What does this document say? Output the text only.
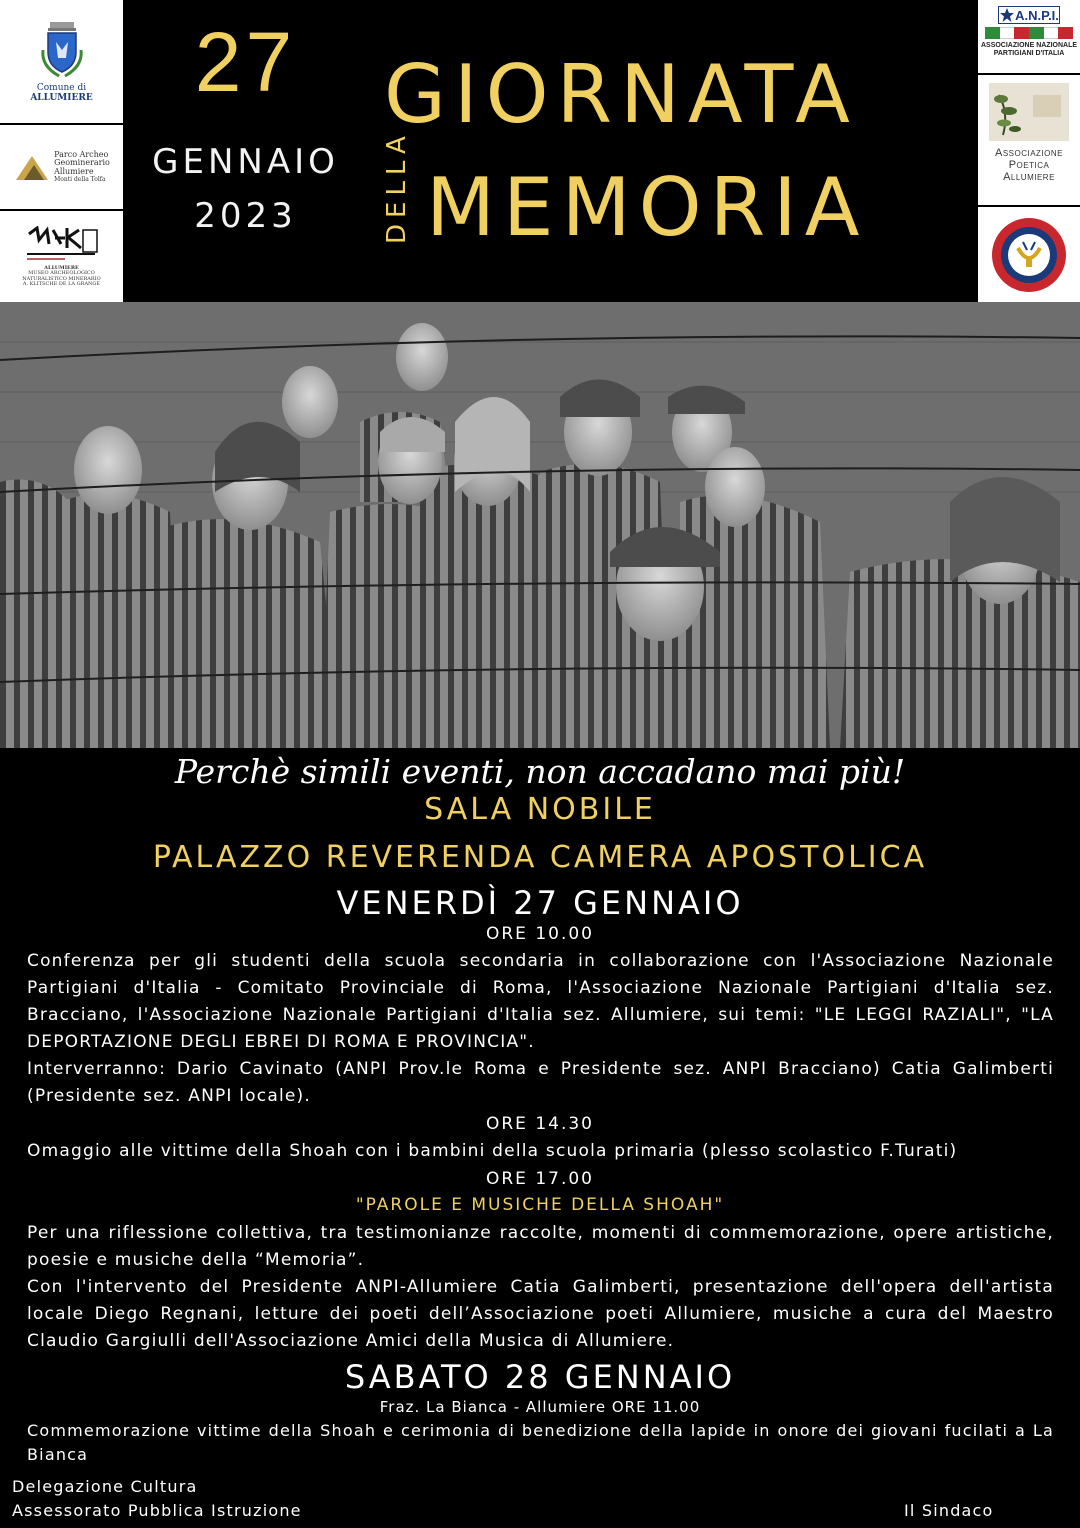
Comune di
ALLUMIERE
Parco Archeo
Geominerario
Allumiere
Monti della Tolfa
ALLUMIERE
MUSEO ARCHEOLOGICO
NATURALISTICO MINERARIO
A. KLITSCHE DE LA GRANGE
27
GENNAIO
2023
GIORNATA
DELLA MEMORIA
A.N.P.I.
ASSOCIAZIONE NAZIONALE
PARTIGIANI D'ITALIA
Associazione
Poetica
Allumiere
Perchè simili eventi, non accadano mai più!
SALA NOBILE
PALAZZO REVERENDA CAMERA APOSTOLICA
VENERDÌ 27 GENNAIO
ORE 10.00
Conferenza per gli studenti della scuola secondaria in collaborazione con l'Associazione Nazionale Partigiani d'Italia - Comitato Provinciale di Roma, l'Associazione Nazionale Partigiani d'Italia sez. Bracciano, l'Associazione Nazionale Partigiani d'Italia sez. Allumiere, sui temi: "LE LEGGI RAZIALI", "LA DEPORTAZIONE DEGLI EBREI DI ROMA E PROVINCIA".
Interverranno: Dario Cavinato (ANPI Prov.le Roma e Presidente sez. ANPI Bracciano) Catia Galimberti (Presidente sez. ANPI locale).
ORE 14.30
Omaggio alle vittime della Shoah con i bambini della scuola primaria (plesso scolastico F.Turati)
ORE 17.00
"PAROLE E MUSICHE DELLA SHOAH"
Per una riflessione collettiva, tra testimonianze raccolte, momenti di commemorazione, opere artistiche, poesie e musiche della “Memoria”.
Con l'intervento del Presidente ANPI-Allumiere Catia Galimberti, presentazione dell'opera dell'artista locale Diego Regnani, letture dei poeti dell’Associazione poeti Allumiere, musiche a cura del Maestro Claudio Gargiulli dell'Associazione Amici della Musica di Allumiere.
SABATO 28 GENNAIO
Fraz. La Bianca - Allumiere ORE 11.00
Commemorazione vittime della Shoah e cerimonia di benedizione della lapide in onore dei giovani fucilati a La Bianca
Delegazione Cultura
Assessorato Pubblica Istruzione	Il Sindaco
